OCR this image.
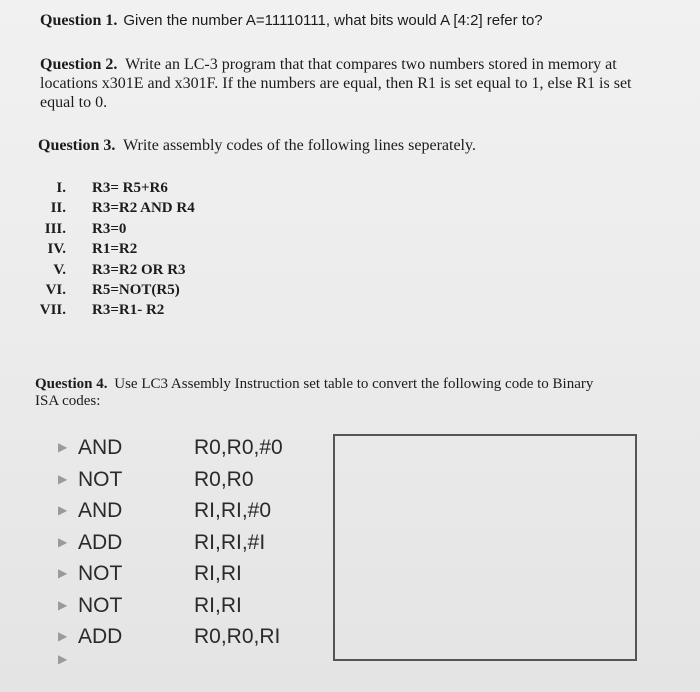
Question 1. Given the number A=11110111, what bits would A [4:2] refer to?
Question 2. Write an LC-3 program that that compares two numbers stored in memory at
locations x301E and x301F. If the numbers are equal, then R1 is set equal to 1, else R1 is set
equal to 0.
Question 3. Write assembly codes of the following lines seperately.
I. R3= R5+R6
II. R3=R2 AND R4
III. R3=0
IV. R1=R2
V. R3=R2 OR R3
VI. R5=NOT(R5)
VII. R3=R1- R2
Question 4. Use LC3 Assembly Instruction set table to convert the following code to Binary
ISA codes:
▶ AND	R0,R0,#0
▶ NOT	R0,R0
▶ AND	RI,RI,#0
▶ ADD	RI,RI,#I
▶ NOT	RI,RI
▶ NOT	RI,RI
▶ ADD	R0,R0,RI
▶
